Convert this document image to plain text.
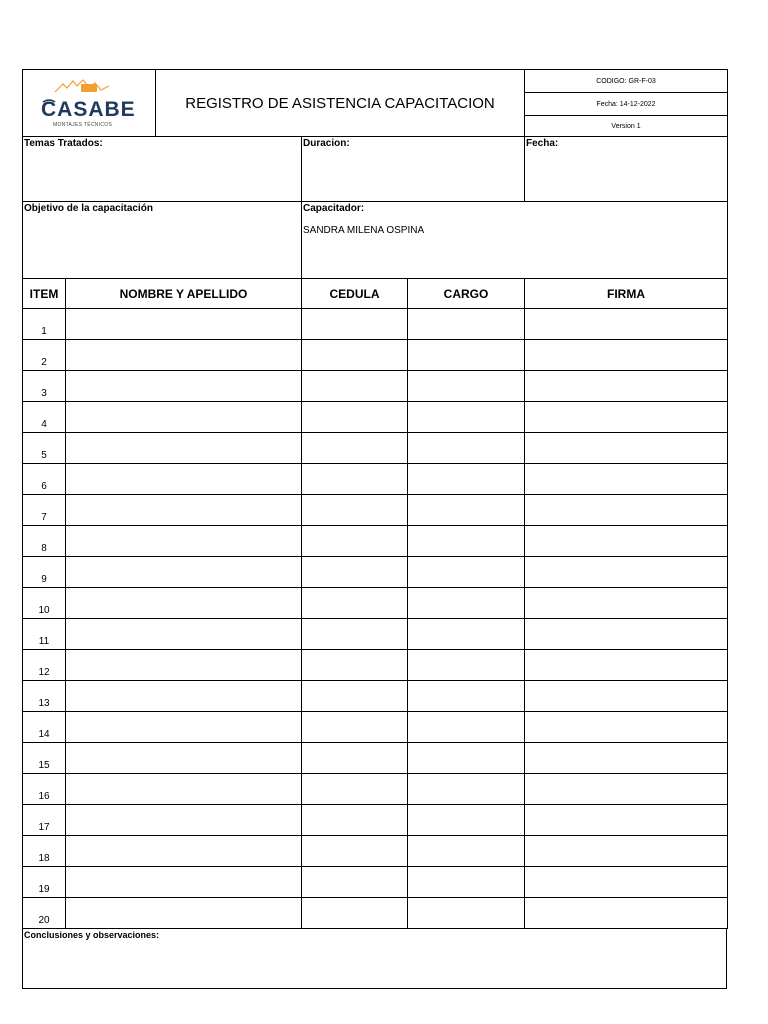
CASABE
MONTAJES TÉCNICOS
	REGISTRO DE ASISTENCIA CAPACITACION	
CODIGO: GR-F-03
Fecha: 14-12-2022
Version 1
Temas Tratados:	Duracion:	Fecha:

Objetivo de la capacitación	Capacitador:
SANDRA MILENA OSPINA	
ITEM	NOMBRE Y APELLIDO	CEDULA	CARGO	FIRMA
1				
2				
3				
4				
5				
6				
7				
8				
9				
10				
11				
12				
13				
14				
15				
16				
17				
18				
19				
20				
Conclusiones y observaciones:
